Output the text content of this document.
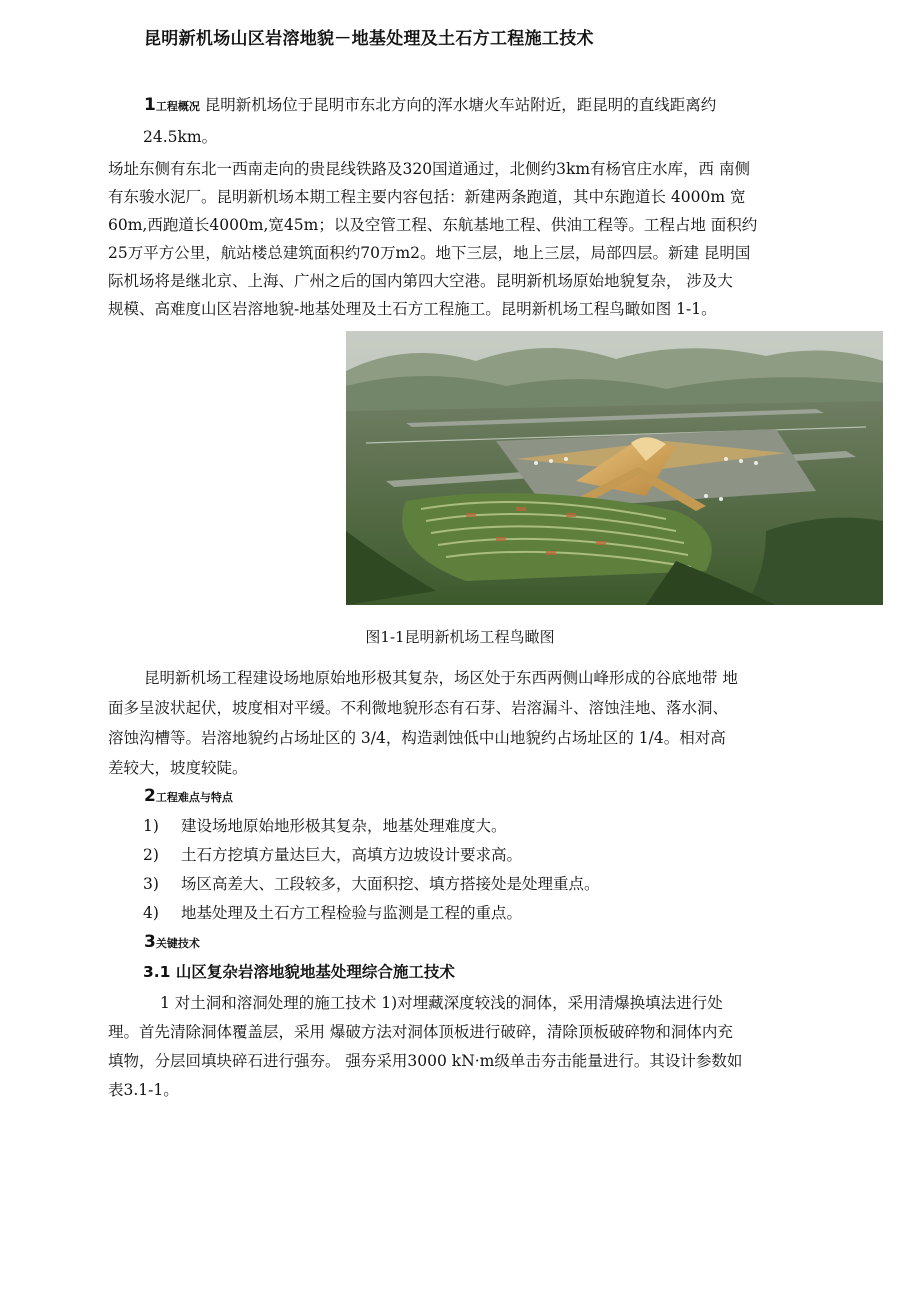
昆明新机场山区岩溶地貌－地基处理及土石方工程施工技术
1工程概况 昆明新机场位于昆明市东北方向的浑水塘火车站附近，距昆明的直线距离约
24.5km。
场址东侧有东北一西南走向的贵昆线铁路及320国道通过，北侧约3km有杨官庄水库，西 南侧
有东骏水泥厂。昆明新机场本期工程主要内容包括：新建两条跑道，其中东跑道长 4000m 宽
60m,西跑道长4000m,宽45m；以及空管工程、东航基地工程、供油工程等。工程占地 面积约
25万平方公里，航站楼总建筑面积约70万m2。地下三层，地上三层，局部四层。新建 昆明国
际机场将是继北京、上海、广州之后的国内第四大空港。昆明新机场原始地貌复杂， 涉及大
规模、高难度山区岩溶地貌-地基处理及土石方工程施工。昆明新机场工程鸟瞰如图 1-1。
图1-1昆明新机场工程鸟瞰图
昆明新机场工程建设场地原始地形极其复杂，场区处于东西两侧山峰形成的谷底地带 地
面多呈波状起伏，坡度相对平缓。不利微地貌形态有石芽、岩溶漏斗、溶蚀洼地、落水洞、
溶蚀沟槽等。岩溶地貌约占场址区的 3/4，构造剥蚀低中山地貌约占场址区的 1/4。相对高
差较大，坡度较陡。
2工程难点与特点
1) 建设场地原始地形极其复杂，地基处理难度大。
2) 土石方挖填方量达巨大，高填方边坡设计要求高。
3) 场区高差大、工段较多，大面积挖、填方搭接处是处理重点。
4) 地基处理及土石方工程检验与监测是工程的重点。
3关键技术
3.1 山区复杂岩溶地貌地基处理综合施工技术
1 对土洞和溶洞处理的施工技术 1)对埋藏深度较浅的洞体，采用清爆换填法进行处
理。首先清除洞体覆盖层，采用 爆破方法对洞体顶板进行破碎，清除顶板破碎物和洞体内充
填物，分层回填块碎石进行强夯。 强夯采用3000 kN·m级单击夯击能量进行。其设计参数如
表3.1-1。
